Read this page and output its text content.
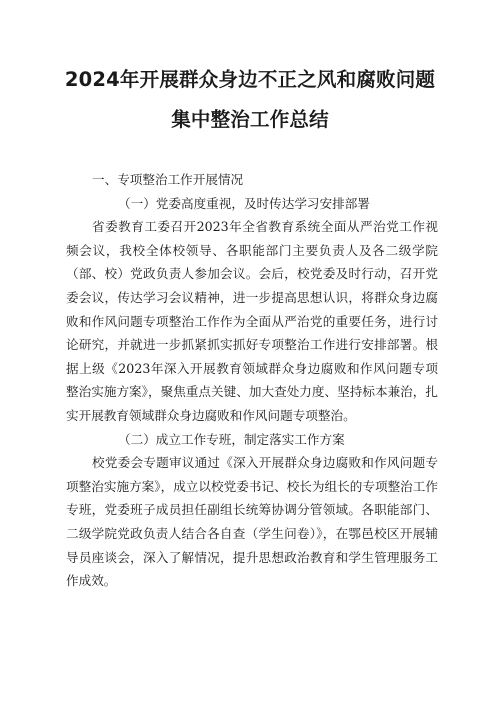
2024年开展群众身边不正之风和腐败问题
集中整治工作总结

一、专项整治工作开展情况

（一）党委高度重视，及时传达学习安排部署

省委教育工委召开2023年全省教育系统全面从严治党工作视频会议，我校全体校领导、各职能部门主要负责人及各二级学院（部、校）党政负责人参加会议。会后，校党委及时行动，召开党委会议，传达学习会议精神，进一步提高思想认识，将群众身边腐败和作风问题专项整治工作作为全面从严治党的重要任务，进行讨论研究，并就进一步抓紧抓实抓好专项整治工作进行安排部署。根据上级《2023年深入开展教育领域群众身边腐败和作风问题专项整治实施方案》，聚焦重点关键、加大查处力度、坚持标本兼治，扎实开展教育领域群众身边腐败和作风问题专项整治。

（二）成立工作专班，制定落实工作方案

校党委会专题审议通过《深入开展群众身边腐败和作风问题专项整治实施方案》，成立以校党委书记、校长为组长的专项整治工作专班，党委班子成员担任副组长统筹协调分管领域。各职能部门、二级学院党政负责人结合各自查（学生问卷）》，在鄂邑校区开展辅导员座谈会，深入了解情况，提升思想政治教育和学生管理服务工作成效。
